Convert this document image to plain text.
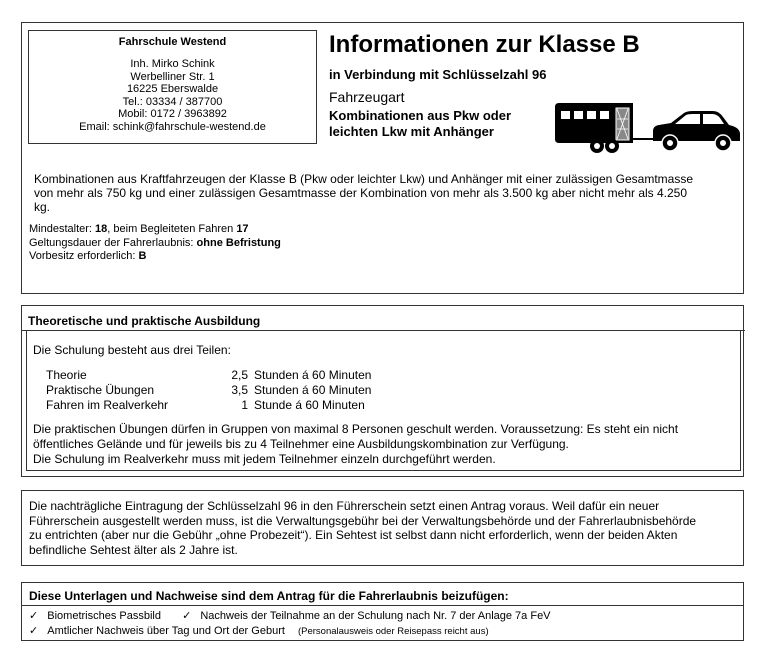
Fahrschule Westend
Inh. Mirko Schink
Werbelliner Str. 1
16225 Eberswalde
Tel.: 03334 / 387700
Mobil: 0172 / 3963892
Email: schink@fahrschule-westend.de
Informationen zur Klasse B
in Verbindung mit Schlüsselzahl 96
Fahrzeugart
Kombinationen aus Pkw oder
leichten Lkw mit Anhänger
Kombinationen aus Kraftfahrzeugen der Klasse B (Pkw oder leichter Lkw) und Anhänger mit einer zulässigen Gesamtmasse
von mehr als 750 kg und einer zulässigen Gesamtmasse der Kombination von mehr als 3.500 kg aber nicht mehr als 4.250
kg.
Mindestalter: 18, beim Begleiteten Fahren 17
Geltungsdauer der Fahrerlaubnis: ohne Befristung
Vorbesitz erforderlich: B
Theoretische und praktische Ausbildung
Die Schulung besteht aus drei Teilen:
Theorie	2,5 Stunden á 60 Minuten
Praktische Übungen	3,5 Stunden á 60 Minuten
Fahren im Realverkehr	1 Stunde á 60 Minuten
Die praktischen Übungen dürfen in Gruppen von maximal 8 Personen geschult werden. Voraussetzung: Es steht ein nicht
öffentliches Gelände und für jeweils bis zu 4 Teilnehmer eine Ausbildungskombination zur Verfügung.
Die Schulung im Realverkehr muss mit jedem Teilnehmer einzeln durchgeführt werden.
Die nachträgliche Eintragung der Schlüsselzahl 96 in den Führerschein setzt einen Antrag voraus. Weil dafür ein neuer
Führerschein ausgestellt werden muss, ist die Verwaltungsgebühr bei der Verwaltungsbehörde und der Fahrerlaubnisbehörde
zu entrichten (aber nur die Gebühr „ohne Probezeit“). Ein Sehtest ist selbst dann nicht erforderlich, wenn der beiden Akten
befindliche Sehtest älter als 2 Jahre ist.
Diese Unterlagen und Nachweise sind dem Antrag für die Fahrerlaubnis beizufügen:
✓ Biometrisches Passbild ✓ Nachweis der Teilnahme an der Schulung nach Nr. 7 der Anlage 7a FeV
✓ Amtlicher Nachweis über Tag und Ort der Geburt (Personalausweis oder Reisepass reicht aus)
